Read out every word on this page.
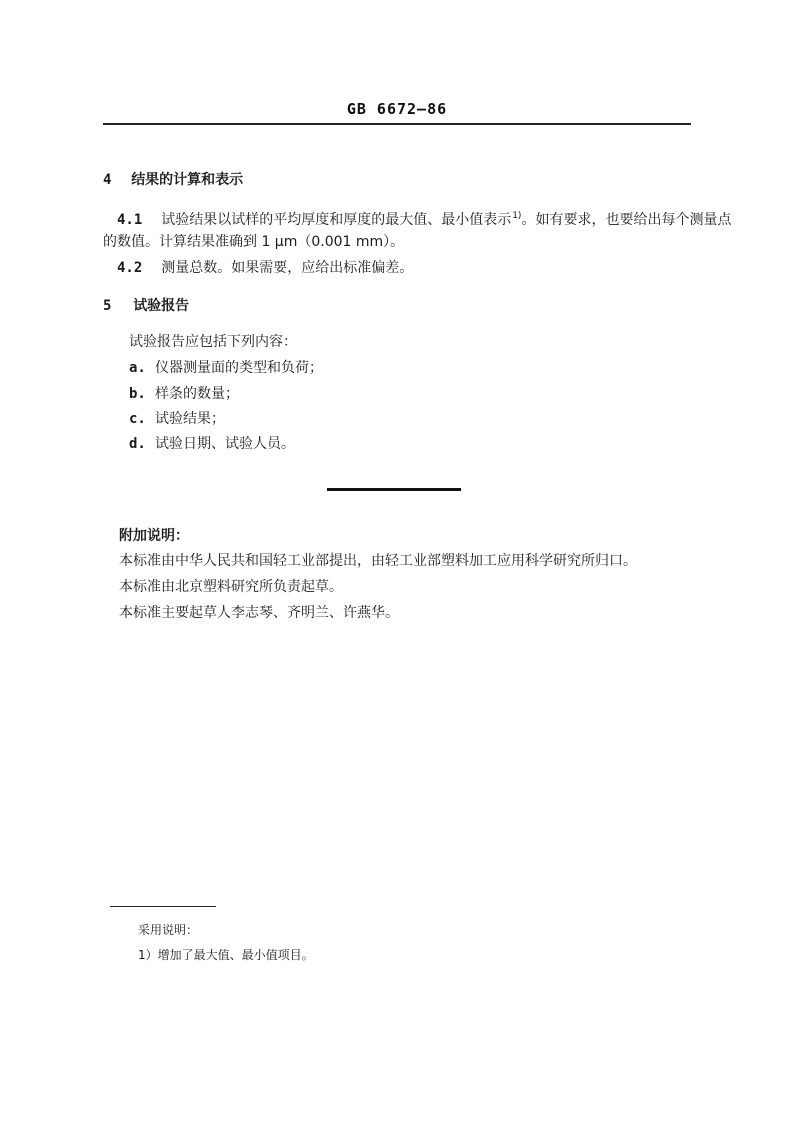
GB 6672—86
4 结果的计算和表示
4.1 试验结果以试样的平均厚度和厚度的最大值、最小值表示$^{1)}$。如有要求，也要给出每个测量点
的数值。计算结果准确到 1 μm（0.001 mm）。
4.2 测量总数。如果需要，应给出标准偏差。
5 试验报告
试验报告应包括下列内容：
a. 仪器测量面的类型和负荷；
b. 样条的数量；
c. 试验结果；
d. 试验日期、试验人员。
附加说明：
本标准由中华人民共和国轻工业部提出，由轻工业部塑料加工应用科学研究所归口。
本标准由北京塑料研究所负责起草。
本标准主要起草人李志琴、齐明兰、许燕华。
采用说明：
1）增加了最大值、最小值项目。
